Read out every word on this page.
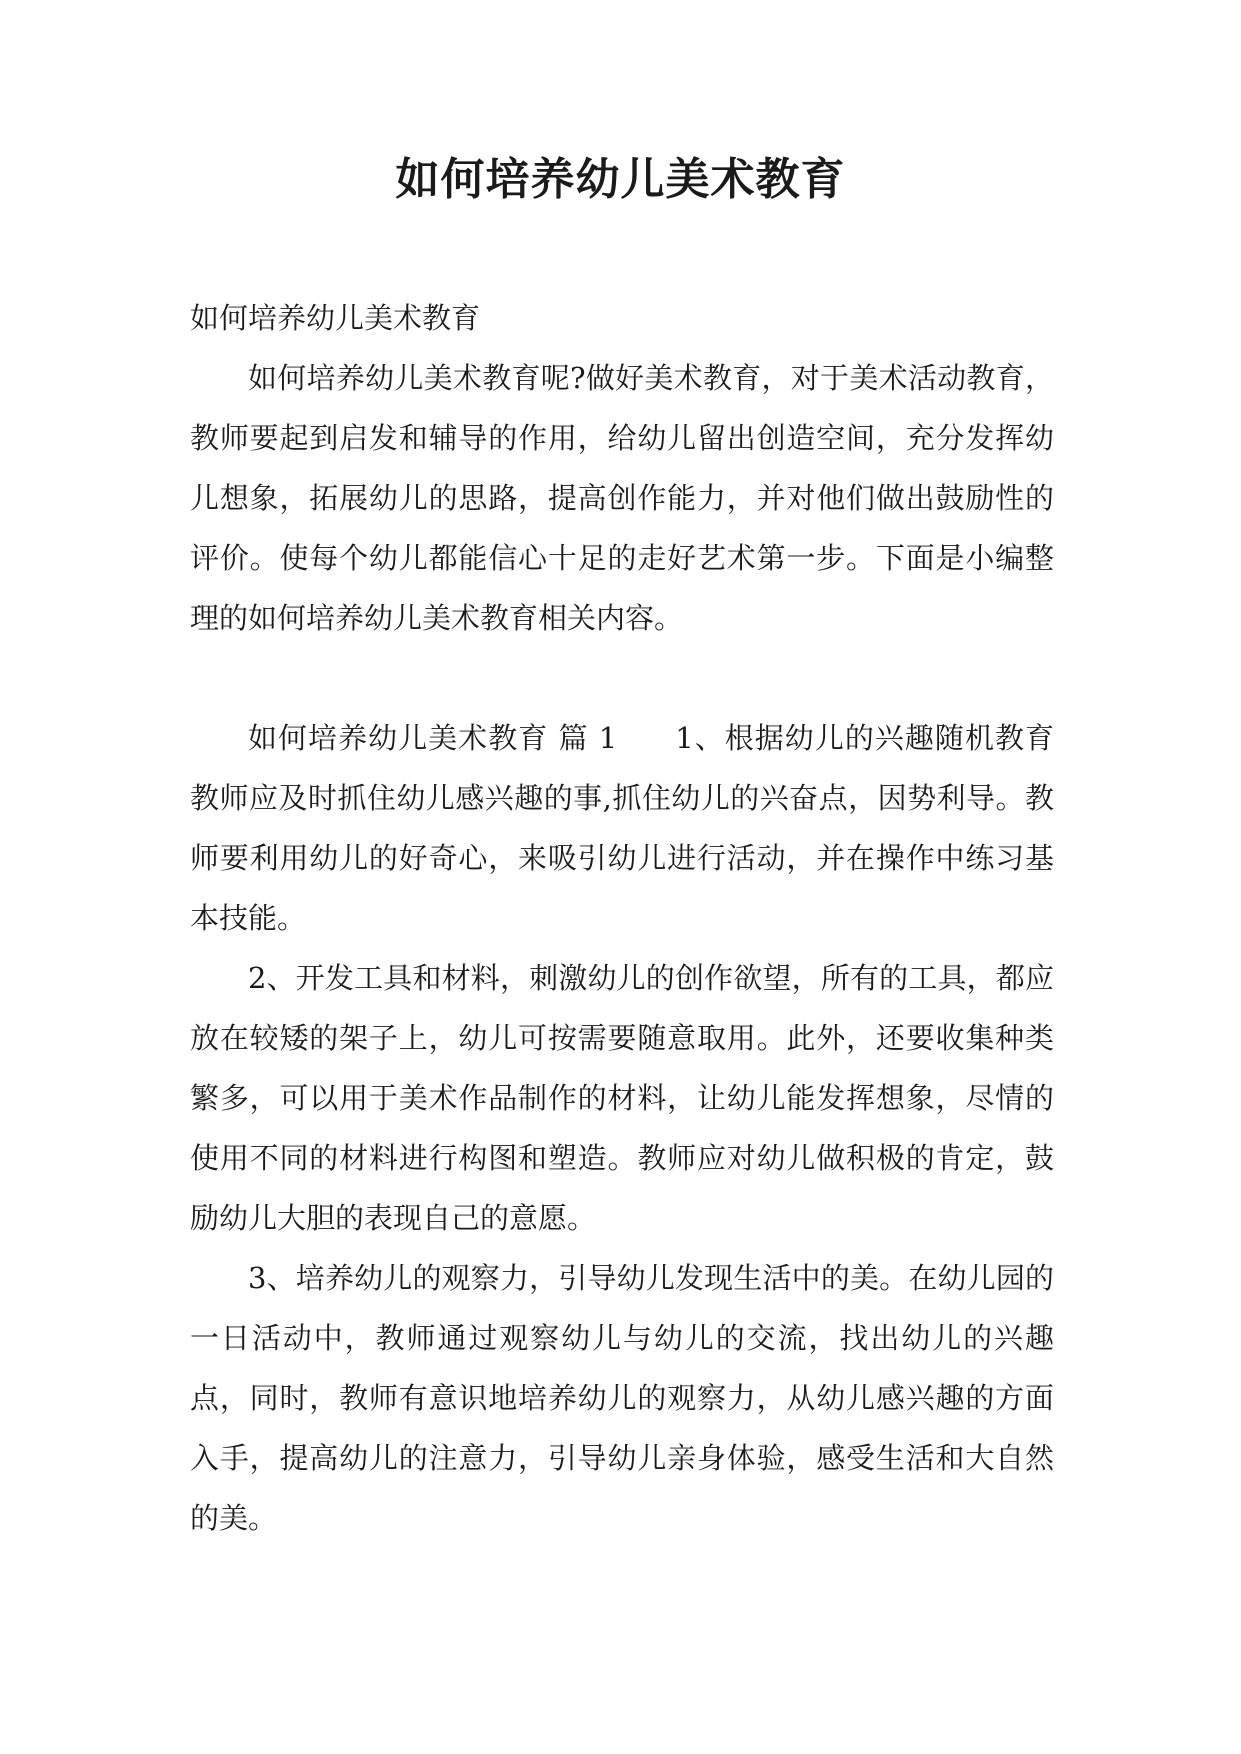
如何培养幼儿美术教育

如何培养幼儿美术教育

如何培养幼儿美术教育呢?做好美术教育，对于美术活动教育，教师要起到启发和辅导的作用，给幼儿留出创造空间，充分发挥幼儿想象，拓展幼儿的思路，提高创作能力，并对他们做出鼓励性的评价。使每个幼儿都能信心十足的走好艺术第一步。下面是小编整理的如何培养幼儿美术教育相关内容。

如何培养幼儿美术教育 篇 1 1、根据幼儿的兴趣随机教育教师应及时抓住幼儿感兴趣的事,抓住幼儿的兴奋点，因势利导。教师要利用幼儿的好奇心，来吸引幼儿进行活动，并在操作中练习基本技能。

2、开发工具和材料，刺激幼儿的创作欲望，所有的工具，都应放在较矮的架子上，幼儿可按需要随意取用。此外，还要收集种类繁多，可以用于美术作品制作的材料，让幼儿能发挥想象，尽情的使用不同的材料进行构图和塑造。教师应对幼儿做积极的肯定，鼓励幼儿大胆的表现自己的意愿。

3、培养幼儿的观察力，引导幼儿发现生活中的美。在幼儿园的一日活动中，教师通过观察幼儿与幼儿的交流，找出幼儿的兴趣点，同时，教师有意识地培养幼儿的观察力，从幼儿感兴趣的方面入手，提高幼儿的注意力，引导幼儿亲身体验，感受生活和大自然的美。
